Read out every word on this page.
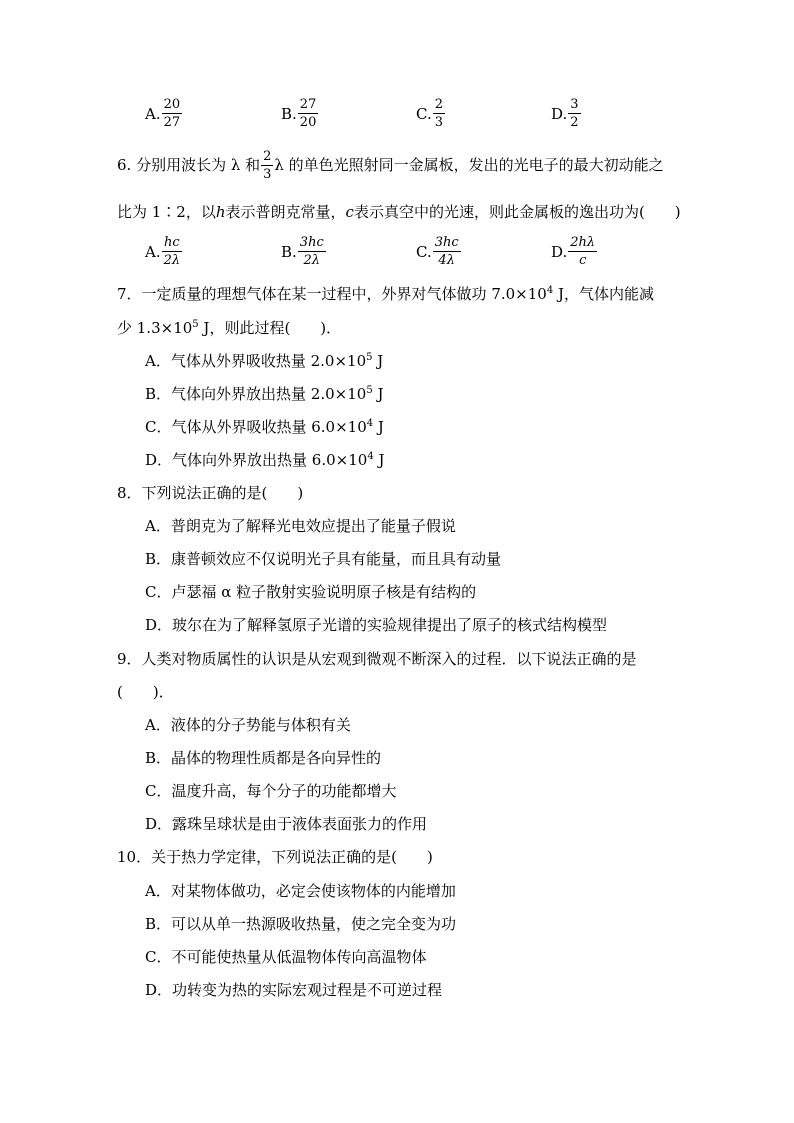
A. $\frac{20}{27}$	B. $\frac{27}{20}$	C. $\frac{2}{3}$	D. $\frac{3}{2}$
6. 分别用波长为 λ 和 $\frac{2}{3}$ λ 的单色光照射同一金属板，发出的光电子的最大初动能之
比为 1∶2，以h表示普朗克常量，c表示真空中的光速，则此金属板的逸出功为(　　)
A. $\frac{hc}{2\lambda}$	B. $\frac{3hc}{2\lambda}$	C. $\frac{3hc}{4\lambda}$	D. $\frac{2h\lambda}{c}$
7．一定质量的理想气体在某一过程中，外界对气体做功 $7.0\times 10^4$ J，气体内能减
少 $1.3\times 10^5$ J，则此过程(　　)．
A．气体从外界吸收热量 $2.0\times 10^5$ J
B．气体向外界放出热量 $2.0\times 10^5$ J
C．气体从外界吸收热量 $6.0\times 10^4$ J
D．气体向外界放出热量 $6.0\times 10^4$ J
8．下列说法正确的是(　　)
A．普朗克为了解释光电效应提出了能量子假说
B．康普顿效应不仅说明光子具有能量，而且具有动量
C．卢瑟福 α 粒子散射实验说明原子核是有结构的
D．玻尔在为了解释氢原子光谱的实验规律提出了原子的核式结构模型
9．人类对物质属性的认识是从宏观到微观不断深入的过程．以下说法正确的是
(　　)．
A．液体的分子势能与体积有关
B．晶体的物理性质都是各向异性的
C．温度升高，每个分子的功能都增大
D．露珠呈球状是由于液体表面张力的作用
10．关于热力学定律，下列说法正确的是(　　)
A．对某物体做功，必定会使该物体的内能增加
B．可以从单一热源吸收热量，使之完全变为功
C．不可能使热量从低温物体传向高温物体
D．功转变为热的实际宏观过程是不可逆过程
